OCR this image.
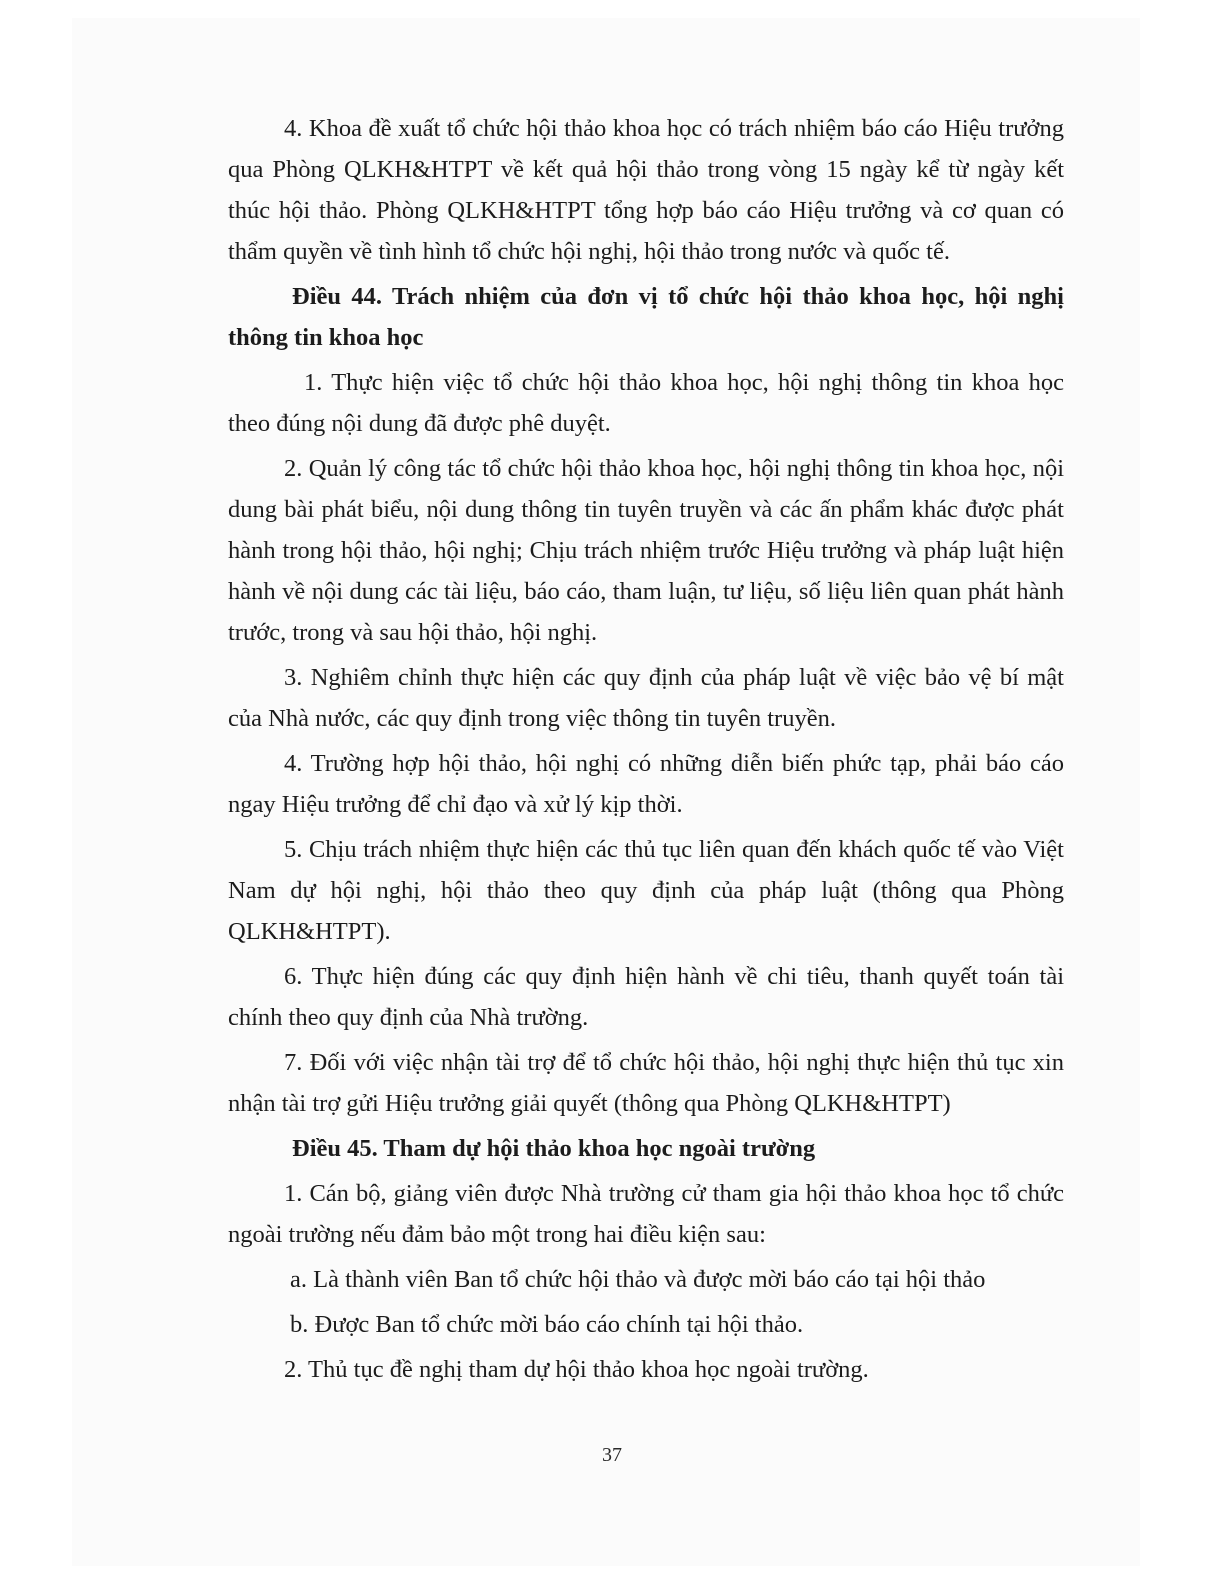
4. Khoa đề xuất tổ chức hội thảo khoa học có trách nhiệm báo cáo Hiệu trưởng qua Phòng QLKH&HTPT về kết quả hội thảo trong vòng 15 ngày kể từ ngày kết thúc hội thảo. Phòng QLKH&HTPT tổng hợp báo cáo Hiệu trưởng và cơ quan có thẩm quyền về tình hình tổ chức hội nghị, hội thảo trong nước và quốc tế.

Điều 44. Trách nhiệm của đơn vị tổ chức hội thảo khoa học, hội nghị thông tin khoa học

1. Thực hiện việc tổ chức hội thảo khoa học, hội nghị thông tin khoa học theo đúng nội dung đã được phê duyệt.

2. Quản lý công tác tổ chức hội thảo khoa học, hội nghị thông tin khoa học, nội dung bài phát biểu, nội dung thông tin tuyên truyền và các ấn phẩm khác được phát hành trong hội thảo, hội nghị; Chịu trách nhiệm trước Hiệu trưởng và pháp luật hiện hành về nội dung các tài liệu, báo cáo, tham luận, tư liệu, số liệu liên quan phát hành trước, trong và sau hội thảo, hội nghị.

3. Nghiêm chỉnh thực hiện các quy định của pháp luật về việc bảo vệ bí mật của Nhà nước, các quy định trong việc thông tin tuyên truyền.

4. Trường hợp hội thảo, hội nghị có những diễn biến phức tạp, phải báo cáo ngay Hiệu trưởng để chỉ đạo và xử lý kịp thời.

5. Chịu trách nhiệm thực hiện các thủ tục liên quan đến khách quốc tế vào Việt Nam dự hội nghị, hội thảo theo quy định của pháp luật (thông qua Phòng QLKH&HTPT).

6. Thực hiện đúng các quy định hiện hành về chi tiêu, thanh quyết toán tài chính theo quy định của Nhà trường.

7. Đối với việc nhận tài trợ để tổ chức hội thảo, hội nghị thực hiện thủ tục xin nhận tài trợ gửi Hiệu trưởng giải quyết (thông qua Phòng QLKH&HTPT)

Điều 45. Tham dự hội thảo khoa học ngoài trường

1. Cán bộ, giảng viên được Nhà trường cử tham gia hội thảo khoa học tổ chức ngoài trường nếu đảm bảo một trong hai điều kiện sau:

a. Là thành viên Ban tổ chức hội thảo và được mời báo cáo tại hội thảo

b. Được Ban tổ chức mời báo cáo chính tại hội thảo.

2. Thủ tục đề nghị tham dự hội thảo khoa học ngoài trường.

37
